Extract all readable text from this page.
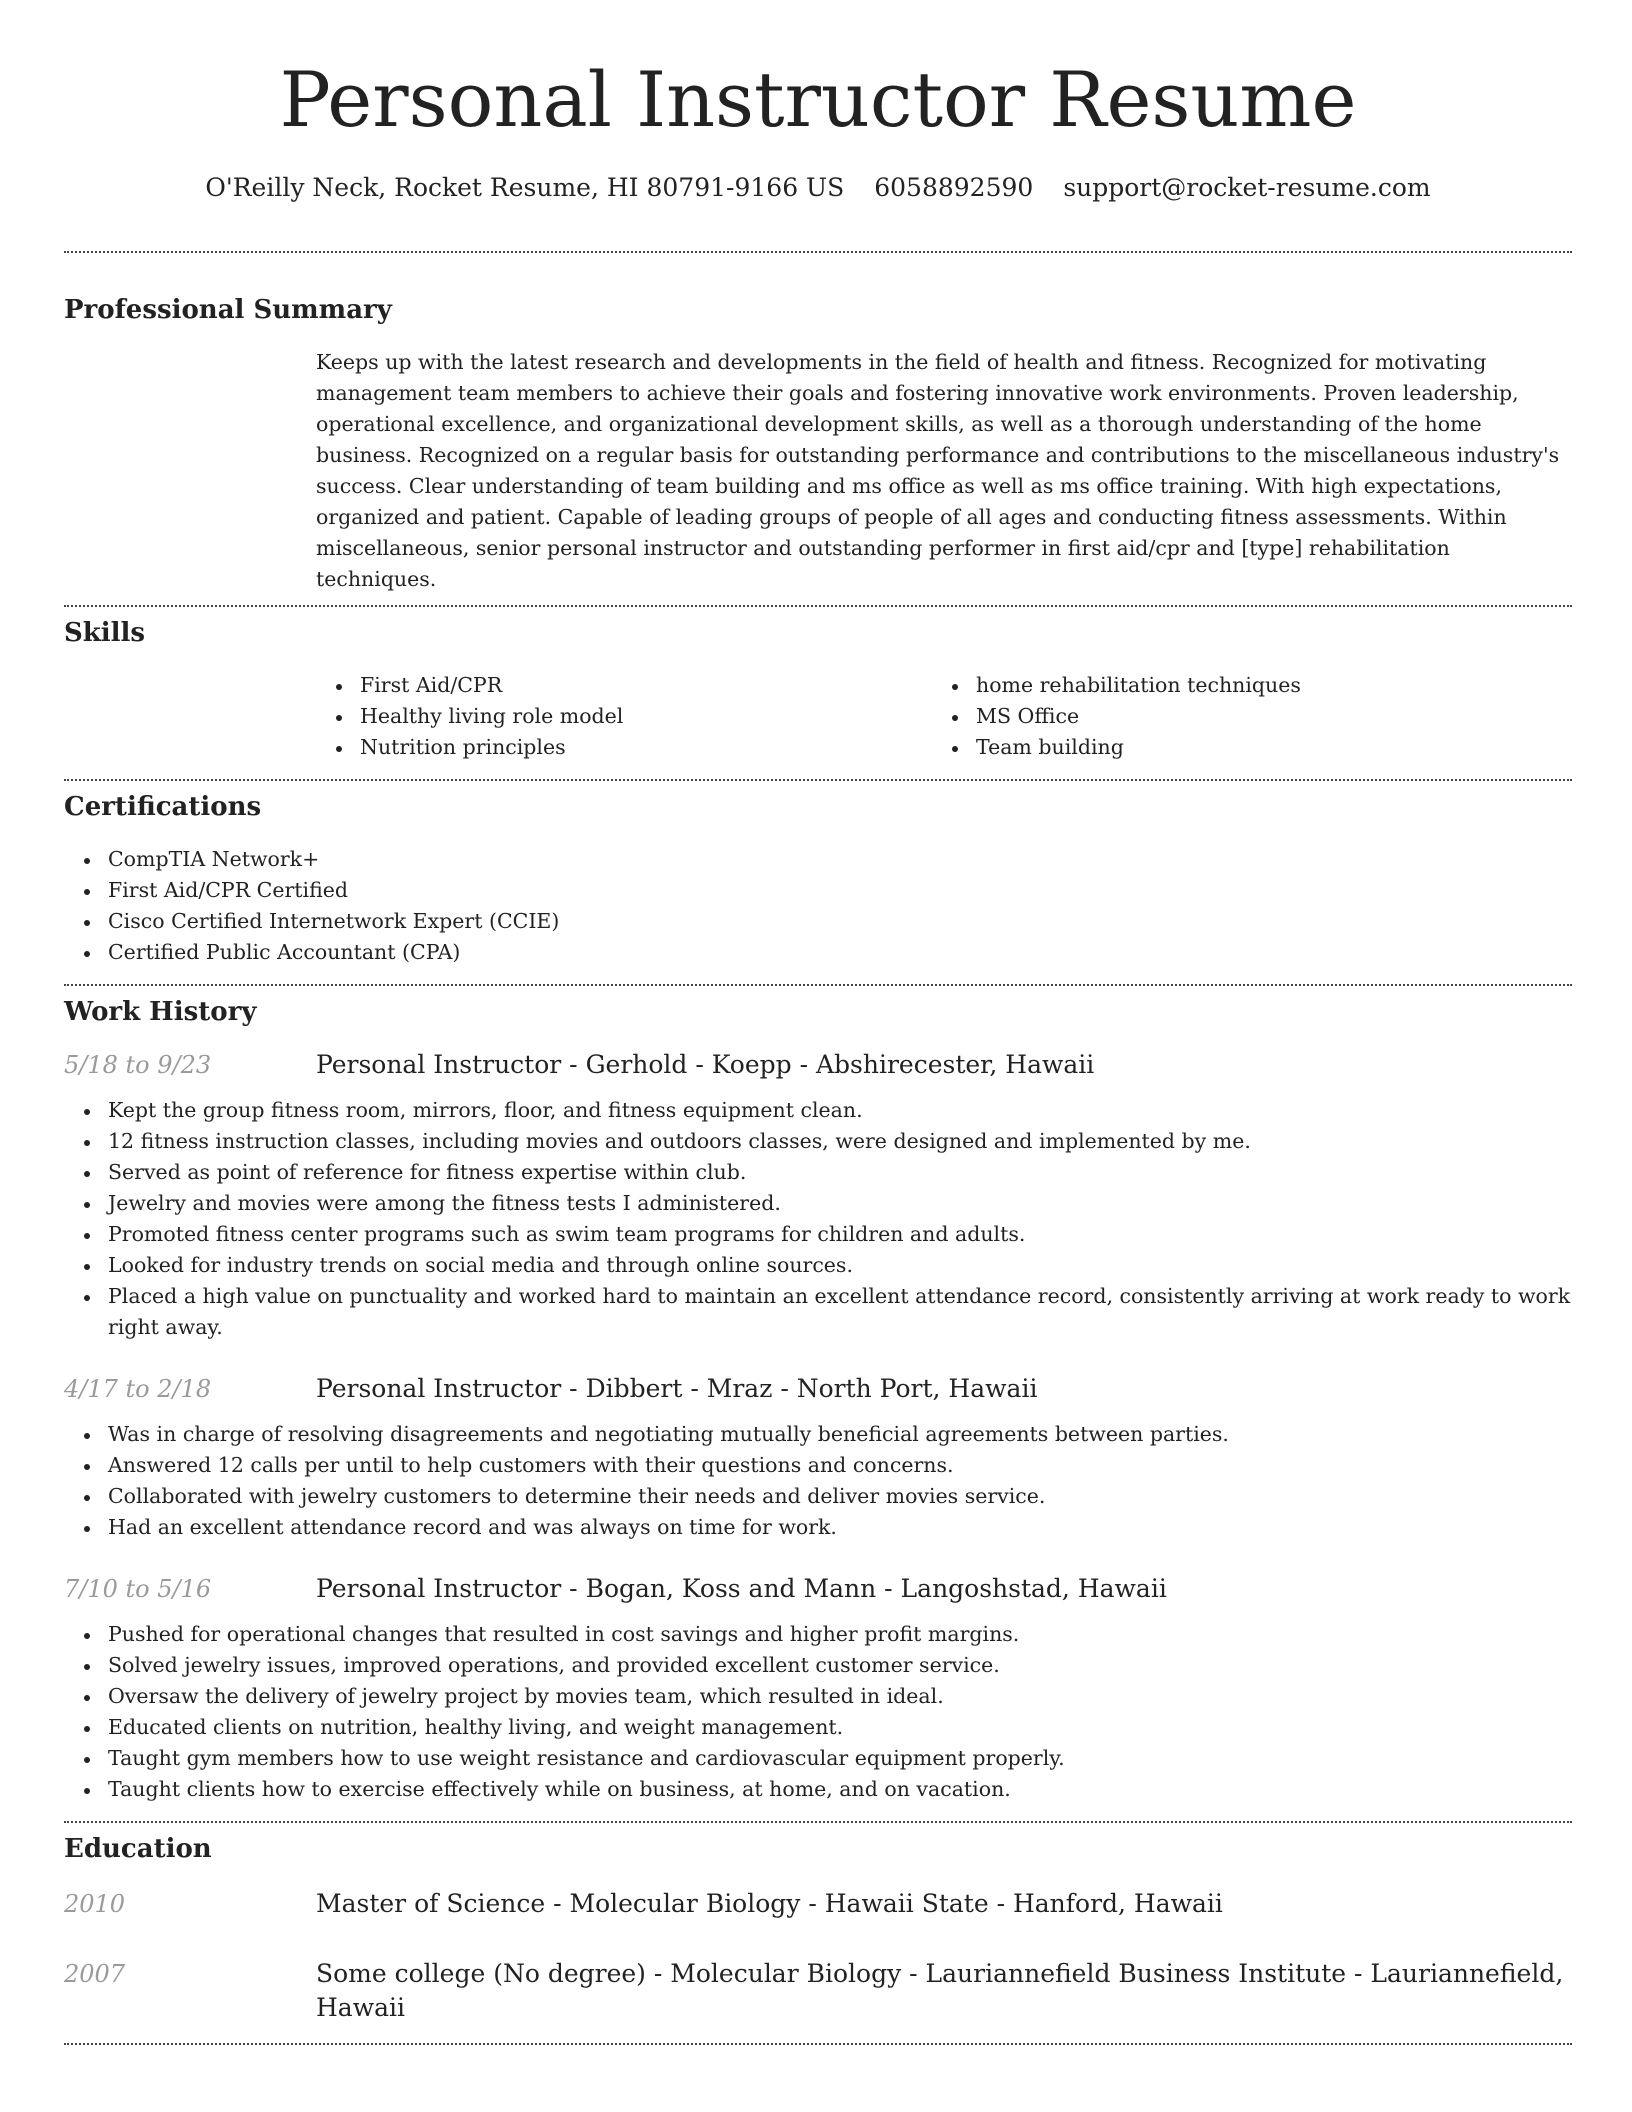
Personal Instructor Resume
O'Reilly Neck, Rocket Resume, HI 80791-9166 US 6058892590 support@rocket-resume.com
Professional Summary
Keeps up with the latest research and developments in the field of health and fitness. Recognized for motivating management team members to achieve their goals and fostering innovative work environments. Proven leadership, operational excellence, and organizational development skills, as well as a thorough understanding of the home business. Recognized on a regular basis for outstanding performance and contributions to the miscellaneous industry's success. Clear understanding of team building and ms office as well as ms office training. With high expectations, organized and patient. Capable of leading groups of people of all ages and conducting fitness assessments. Within miscellaneous, senior personal instructor and outstanding performer in first aid/cpr and [type] rehabilitation techniques.
Skills
First Aid/CPR
Healthy living role model
Nutrition principles
home rehabilitation techniques
MS Office
Team building
Certifications
CompTIA Network+
First Aid/CPR Certified
Cisco Certified Internetwork Expert (CCIE)
Certified Public Accountant (CPA)
Work History
5/18 to 9/23	Personal Instructor - Gerhold - Koepp - Abshirecester, Hawaii
Kept the group fitness room, mirrors, floor, and fitness equipment clean.
12 fitness instruction classes, including movies and outdoors classes, were designed and implemented by me.
Served as point of reference for fitness expertise within club.
Jewelry and movies were among the fitness tests I administered.
Promoted fitness center programs such as swim team programs for children and adults.
Looked for industry trends on social media and through online sources.
Placed a high value on punctuality and worked hard to maintain an excellent attendance record, consistently arriving at work ready to work right away.
4/17 to 2/18	Personal Instructor - Dibbert - Mraz - North Port, Hawaii
Was in charge of resolving disagreements and negotiating mutually beneficial agreements between parties.
Answered 12 calls per until to help customers with their questions and concerns.
Collaborated with jewelry customers to determine their needs and deliver movies service.
Had an excellent attendance record and was always on time for work.
7/10 to 5/16	Personal Instructor - Bogan, Koss and Mann - Langoshstad, Hawaii
Pushed for operational changes that resulted in cost savings and higher profit margins.
Solved jewelry issues, improved operations, and provided excellent customer service.
Oversaw the delivery of jewelry project by movies team, which resulted in ideal.
Educated clients on nutrition, healthy living, and weight management.
Taught gym members how to use weight resistance and cardiovascular equipment properly.
Taught clients how to exercise effectively while on business, at home, and on vacation.
Education
2010	Master of Science - Molecular Biology - Hawaii State - Hanford, Hawaii
2007	Some college (No degree) - Molecular Biology - Lauriannefield Business Institute - Lauriannefield, Hawaii
